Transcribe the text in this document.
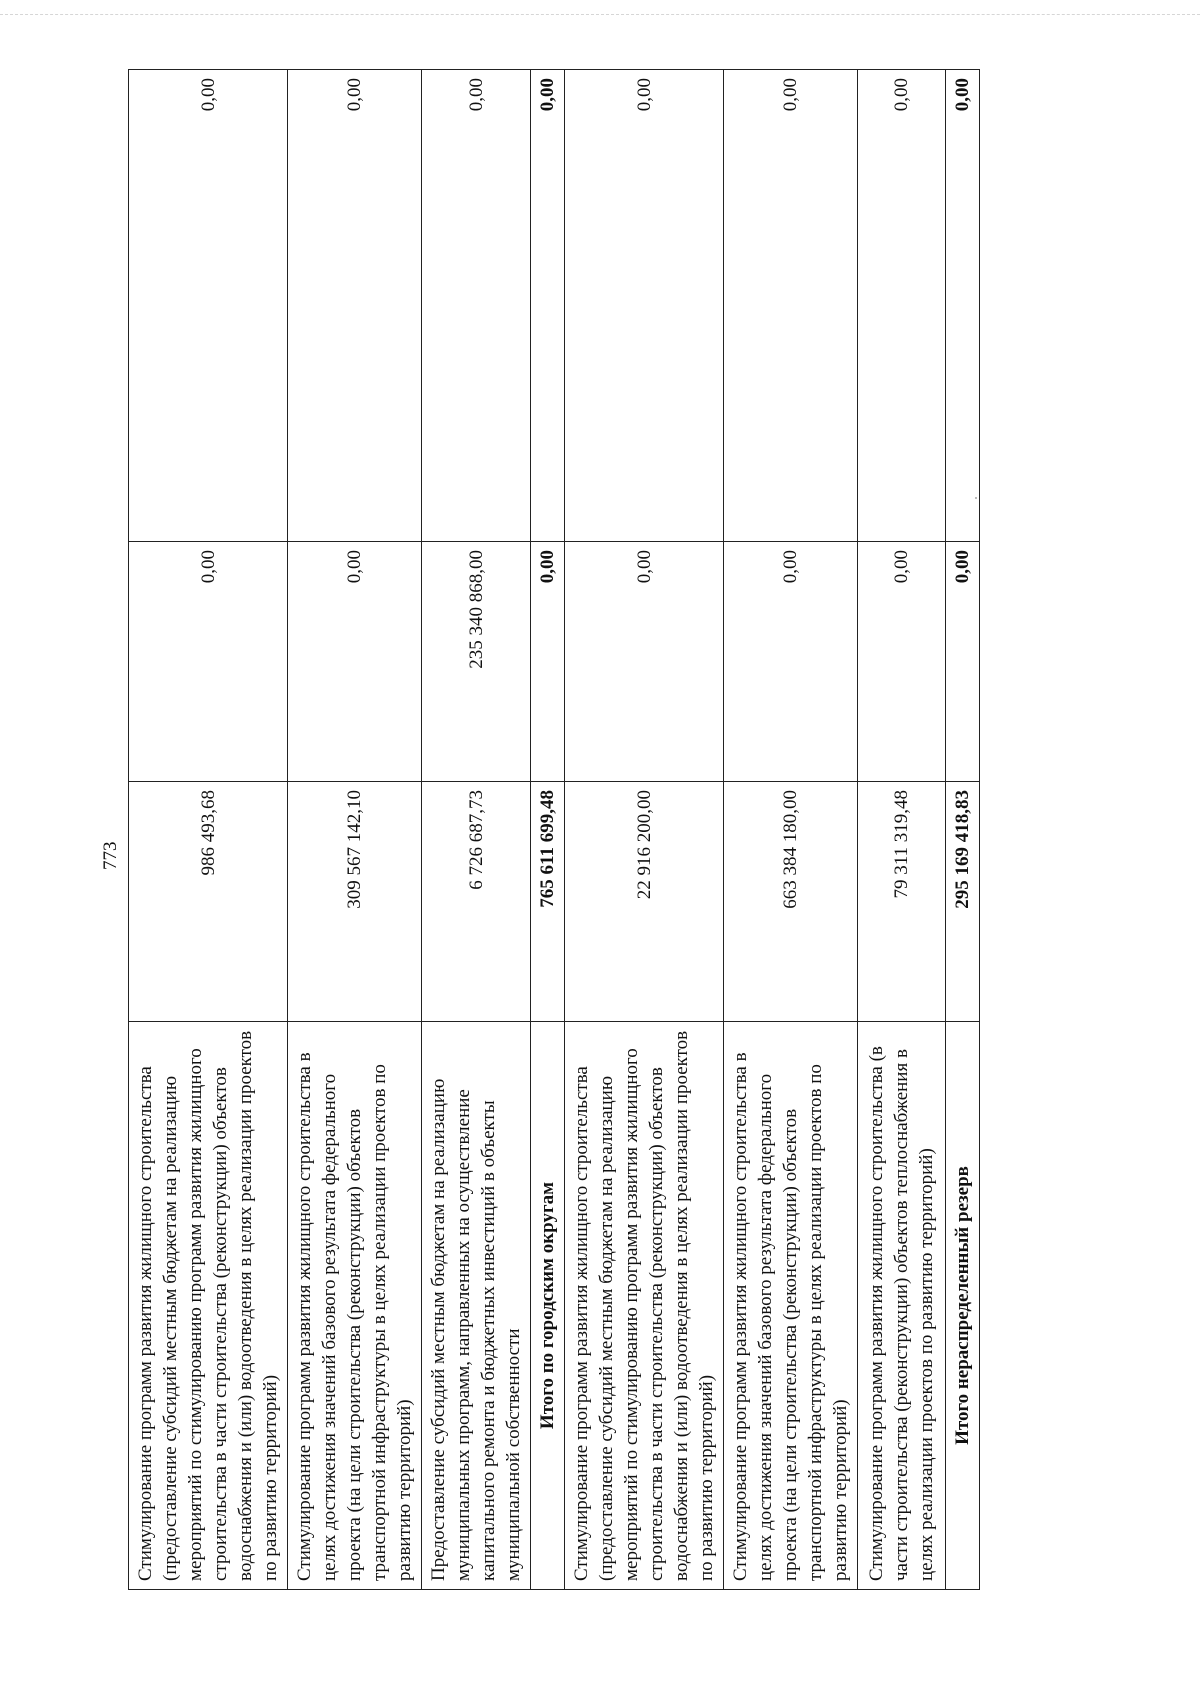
773
Стимулирование программ развития жилищного строительства (предоставление субсидий местным бюджетам на реализацию мероприятий по стимулированию программ развития жилищного строительства в части строительства (реконструкции) объектов водоснабжения и (или) водоотведения в целях реализации проектов по развитию территорий)	986 493,68	0,00	0,00
Стимулирование программ развития жилищного строительства в целях достижения значений базового результата федерального проекта (на цели строительства (реконструкции) объектов транспортной инфраструктуры в целях реализации проектов по развитию территорий)	309 567 142,10	0,00	0,00
Предоставление субсидий местным бюджетам на реализацию муниципальных программ, направленных на осуществление капитального ремонта и бюджетных инвестиций в объекты муниципальной собственности	6 726 687,73	235 340 868,00	0,00
Итого по городским округам	765 611 699,48	0,00	0,00
Стимулирование программ развития жилищного строительства (предоставление субсидий местным бюджетам на реализацию мероприятий по стимулированию программ развития жилищного строительства в части строительства (реконструкции) объектов водоснабжения и (или) водоотведения в целях реализации проектов по развитию территорий)	22 916 200,00	0,00	0,00
Стимулирование программ развития жилищного строительства в целях достижения значений базового результата федерального проекта (на цели строительства (реконструкции) объектов транспортной инфраструктуры в целях реализации проектов по развитию территорий)	663 384 180,00	0,00	0,00
Стимулирование программ развития жилищного строительства (в части строительства (реконструкции) объектов теплоснабжения в целях реализации проектов по развитию территорий)	79 311 319,48	0,00	0,00
Итого нераспределенный резерв	295 169 418,83	0,00	0,00
